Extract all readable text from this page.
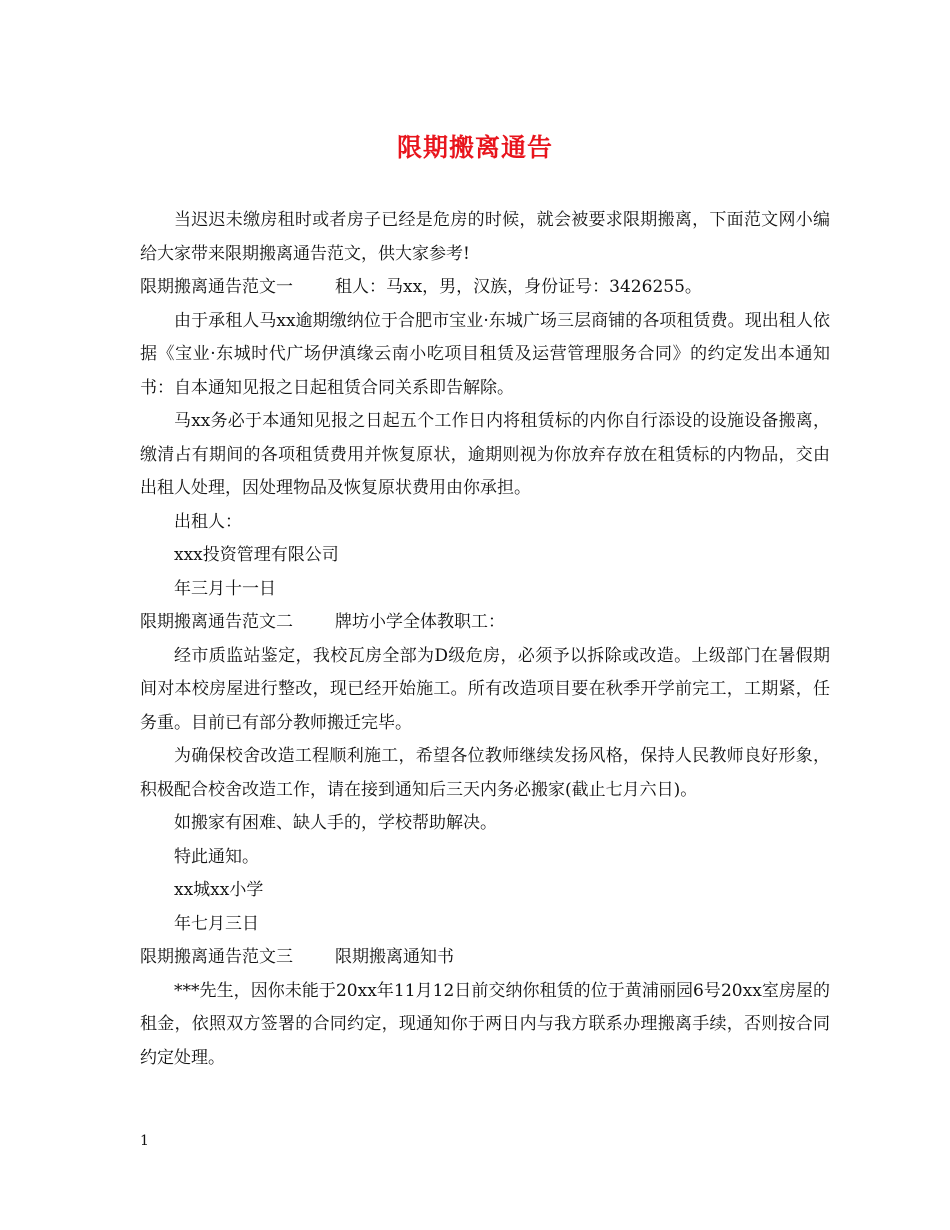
限期搬离通告

当迟迟未缴房租时或者房子已经是危房的时候，就会被要求限期搬离，下面范文网小编给大家带来限期搬离通告范文，供大家参考!

限期搬离通告范文一 租人：马xx，男，汉族，身份证号：3426255。

由于承租人马xx逾期缴纳位于合肥市宝业·东城广场三层商铺的各项租赁费。现出租人依据《宝业·东城时代广场伊滇缘云南小吃项目租赁及运营管理服务合同》的约定发出本通知书：自本通知见报之日起租赁合同关系即告解除。

马xx务必于本通知见报之日起五个工作日内将租赁标的内你自行添设的设施设备搬离，缴清占有期间的各项租赁费用并恢复原状，逾期则视为你放弃存放在租赁标的内物品，交由出租人处理，因处理物品及恢复原状费用由你承担。

出租人：

xxx投资管理有限公司

年三月十一日

限期搬离通告范文二 牌坊小学全体教职工：

经市质监站鉴定，我校瓦房全部为D级危房，必须予以拆除或改造。上级部门在暑假期间对本校房屋进行整改，现已经开始施工。所有改造项目要在秋季开学前完工，工期紧，任务重。目前已有部分教师搬迁完毕。

为确保校舍改造工程顺利施工，希望各位教师继续发扬风格，保持人民教师良好形象，积极配合校舍改造工作，请在接到通知后三天内务必搬家(截止七月六日)。

如搬家有困难、缺人手的，学校帮助解决。

特此通知。

xx城xx小学

年七月三日

限期搬离通告范文三 限期搬离通知书

***先生，因你未能于20xx年11月12日前交纳你租赁的位于黄浦丽园6号20xx室房屋的租金，依照双方签署的合同约定，现通知你于两日内与我方联系办理搬离手续，否则按合同约定处理。

1
